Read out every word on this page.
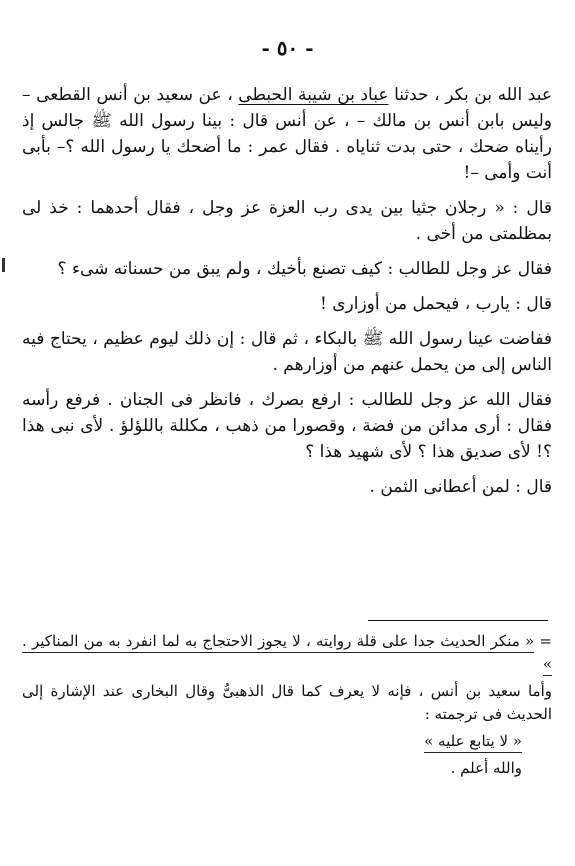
- ٥٠ -

عبد الله بن بكر ، حدثنا عباد بن شيبة الحبطى ، عن سعيد بن أنس القطعى – وليس بابن أنس بن مالك – ، عن أنس قال : بينا رسول الله ﷺ جالس إذ رأيناه ضحك ، حتى بدت ثناياه . فقال عمر : ما أضحك يا رسول الله ؟– بأبى أنت وأمى –!

قال : « رجلان جثيا بين يدى رب العزة عز وجل ، فقال أحدهما : خذ لى بمظلمتى من أخى .

فقال عز وجل للطالب : كيف تصنع بأخيك ، ولم يبق من حسناته شىء ؟

قال : يارب ، فيحمل من أوزارى !

ففاضت عينا رسول الله ﷺ بالبكاء ، ثم قال : إن ذلك ليوم عظيم ، يحتاج فيه الناس إلى من يحمل عنهم من أوزارهم .

فقال الله عز وجل للطالب : ارفع بصرك ، فانظر فى الجنان . فرفع رأسه فقال : أرى مدائن من فضة ، وقصورا من ذهب ، مكللة باللؤلؤ . لأى نبى هذا ؟! لأى صديق هذا ؟ لأى شهيد هذا ؟

قال : لمن أعطانى الثمن .

= « منكر الحديث جدا على قلة روايته ، لا يجوز الاحتجاج به لما انفرد به من المناكير . »

وأما سعيد بن أنس ، فإنه لا يعرف كما قال الذهبىُّ وقال البخارى عند الإشارة إلى الحديث فى ترجمته :

« لا يتابع عليه »

والله أعلم .
